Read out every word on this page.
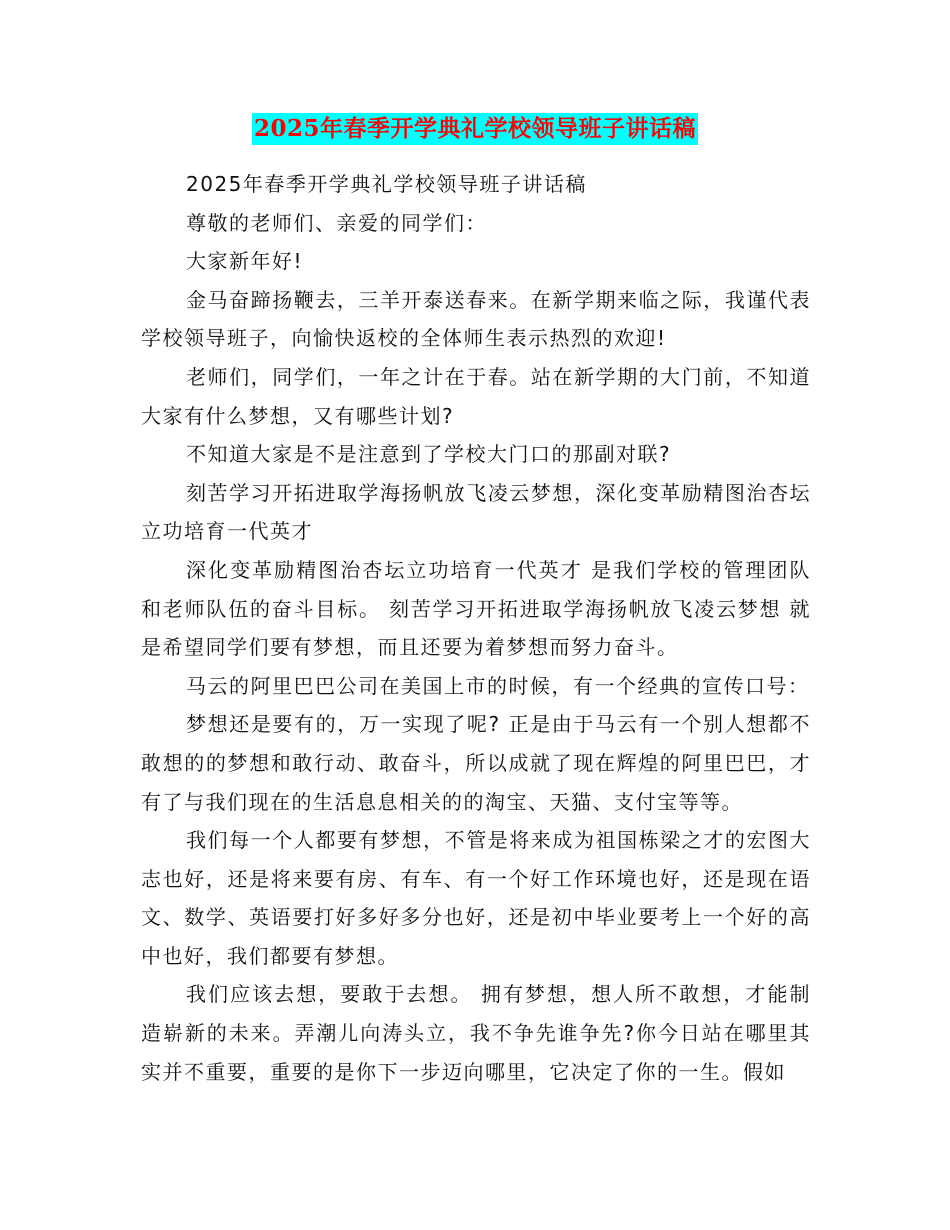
2025年春季开学典礼学校领导班子讲话稿

2025年春季开学典礼学校领导班子讲话稿

尊敬的老师们、亲爱的同学们：

大家新年好!

金马奋蹄扬鞭去，三羊开泰送春来。在新学期来临之际，我谨代表学校领导班子，向愉快返校的全体师生表示热烈的欢迎!

老师们，同学们，一年之计在于春。站在新学期的大门前，不知道大家有什么梦想，又有哪些计划?

不知道大家是不是注意到了学校大门口的那副对联?

刻苦学习开拓进取学海扬帆放飞凌云梦想，深化变革励精图治杏坛立功培育一代英才

深化变革励精图治杏坛立功培育一代英才 是我们学校的管理团队和老师队伍的奋斗目标。 刻苦学习开拓进取学海扬帆放飞凌云梦想 就是希望同学们要有梦想，而且还要为着梦想而努力奋斗。

马云的阿里巴巴公司在美国上市的时候，有一个经典的宣传口号：

梦想还是要有的，万一实现了呢? 正是由于马云有一个别人想都不敢想的的梦想和敢行动、敢奋斗，所以成就了现在辉煌的阿里巴巴，才有了与我们现在的生活息息相关的的淘宝、天猫、支付宝等等。

我们每一个人都要有梦想，不管是将来成为祖国栋梁之才的宏图大志也好，还是将来要有房、有车、有一个好工作环境也好，还是现在语文、数学、英语要打好多好多分也好，还是初中毕业要考上一个好的高中也好，我们都要有梦想。

我们应该去想，要敢于去想。 拥有梦想，想人所不敢想，才能制造崭新的未来。弄潮儿向涛头立，我不争先谁争先?你今日站在哪里其实并不重要，重要的是你下一步迈向哪里，它决定了你的一生。假如
